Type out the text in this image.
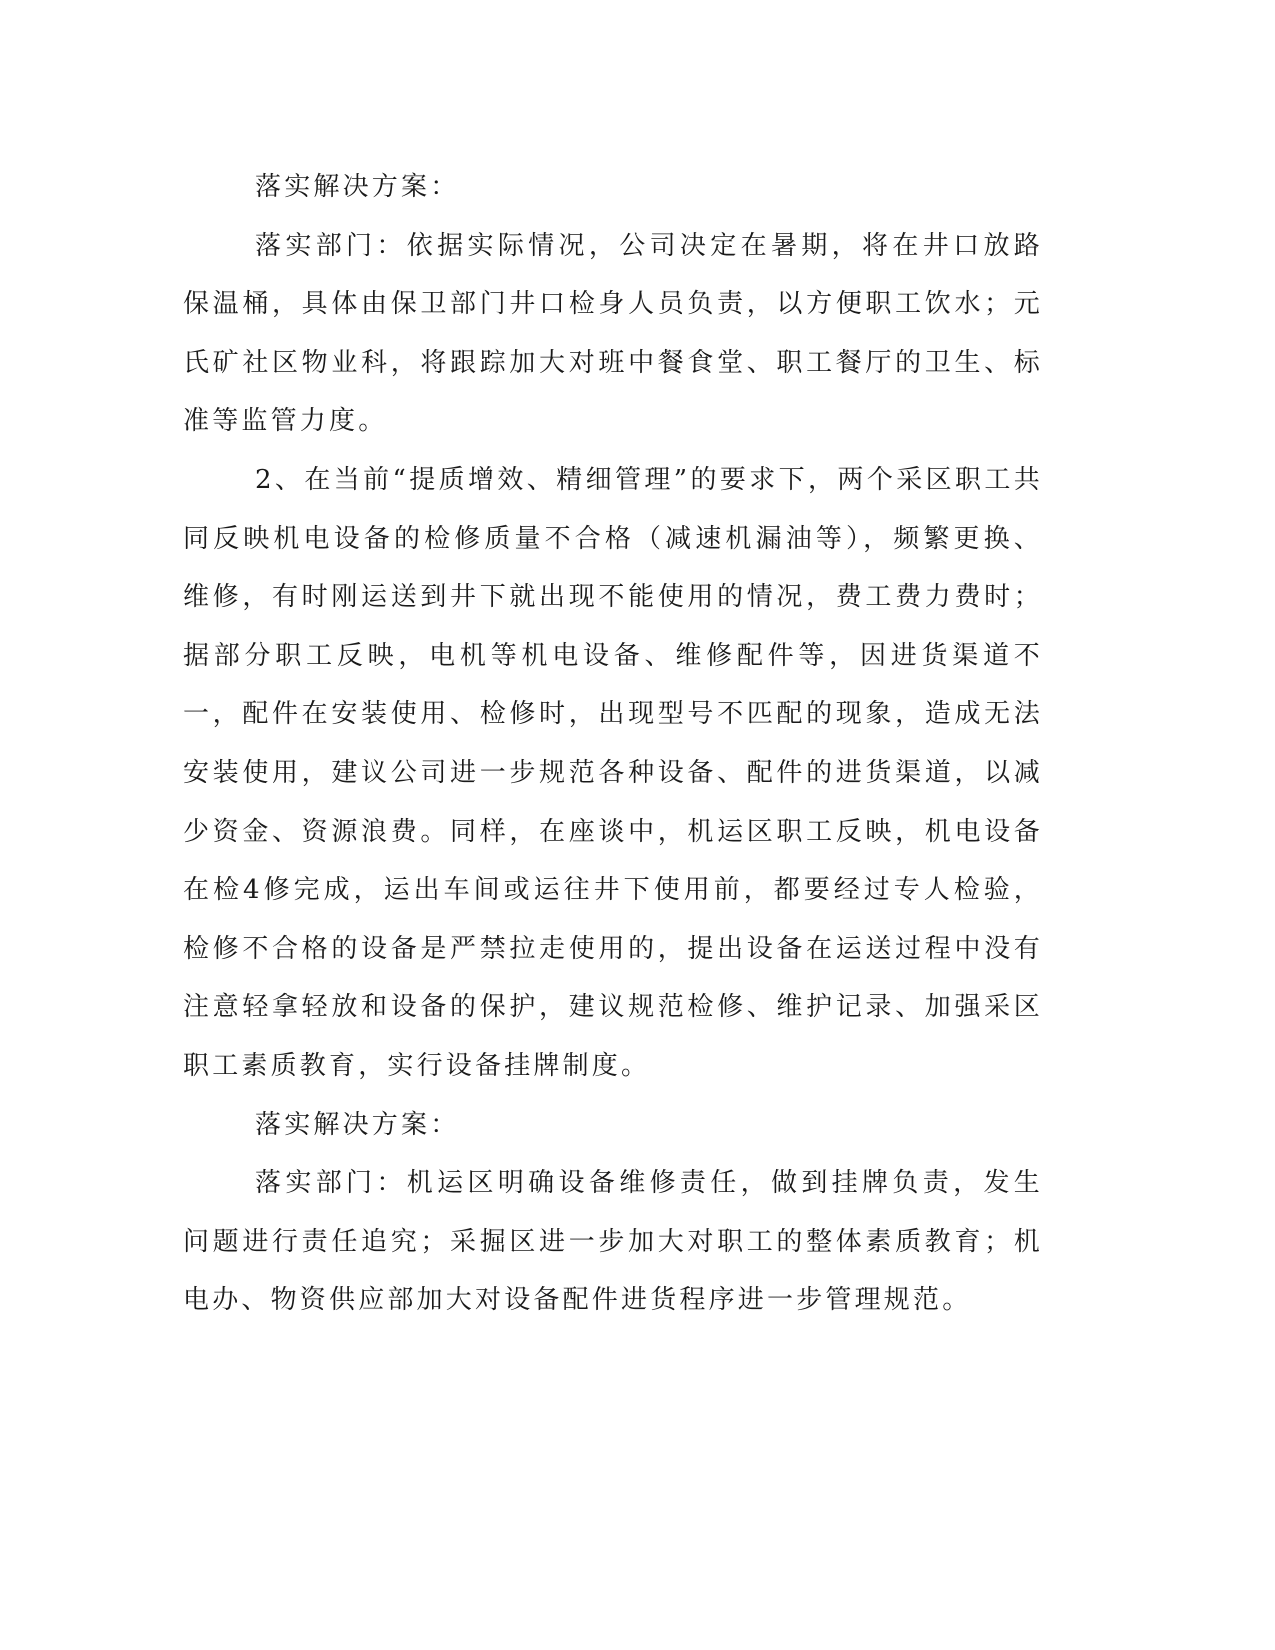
落实解决方案：

落实部门：依据实际情况，公司决定在暑期，将在井口放路保温桶，具体由保卫部门井口检身人员负责，以方便职工饮水；元氏矿社区物业科，将跟踪加大对班中餐食堂、职工餐厅的卫生、标准等监管力度。

2、在当前“提质增效、精细管理”的要求下，两个采区职工共同反映机电设备的检修质量不合格（减速机漏油等），频繁更换、维修，有时刚运送到井下就出现不能使用的情况，费工费力费时；据部分职工反映，电机等机电设备、维修配件等，因进货渠道不一，配件在安装使用、检修时，出现型号不匹配的现象，造成无法安装使用，建议公司进一步规范各种设备、配件的进货渠道，以减少资金、资源浪费。同样，在座谈中，机运区职工反映，机电设备在检4修完成，运出车间或运往井下使用前，都要经过专人检验，检修不合格的设备是严禁拉走使用的，提出设备在运送过程中没有注意轻拿轻放和设备的保护，建议规范检修、维护记录、加强采区职工素质教育，实行设备挂牌制度。

落实解决方案：

落实部门：机运区明确设备维修责任，做到挂牌负责，发生问题进行责任追究；采掘区进一步加大对职工的整体素质教育；机电办、物资供应部加大对设备配件进货程序进一步管理规范。
